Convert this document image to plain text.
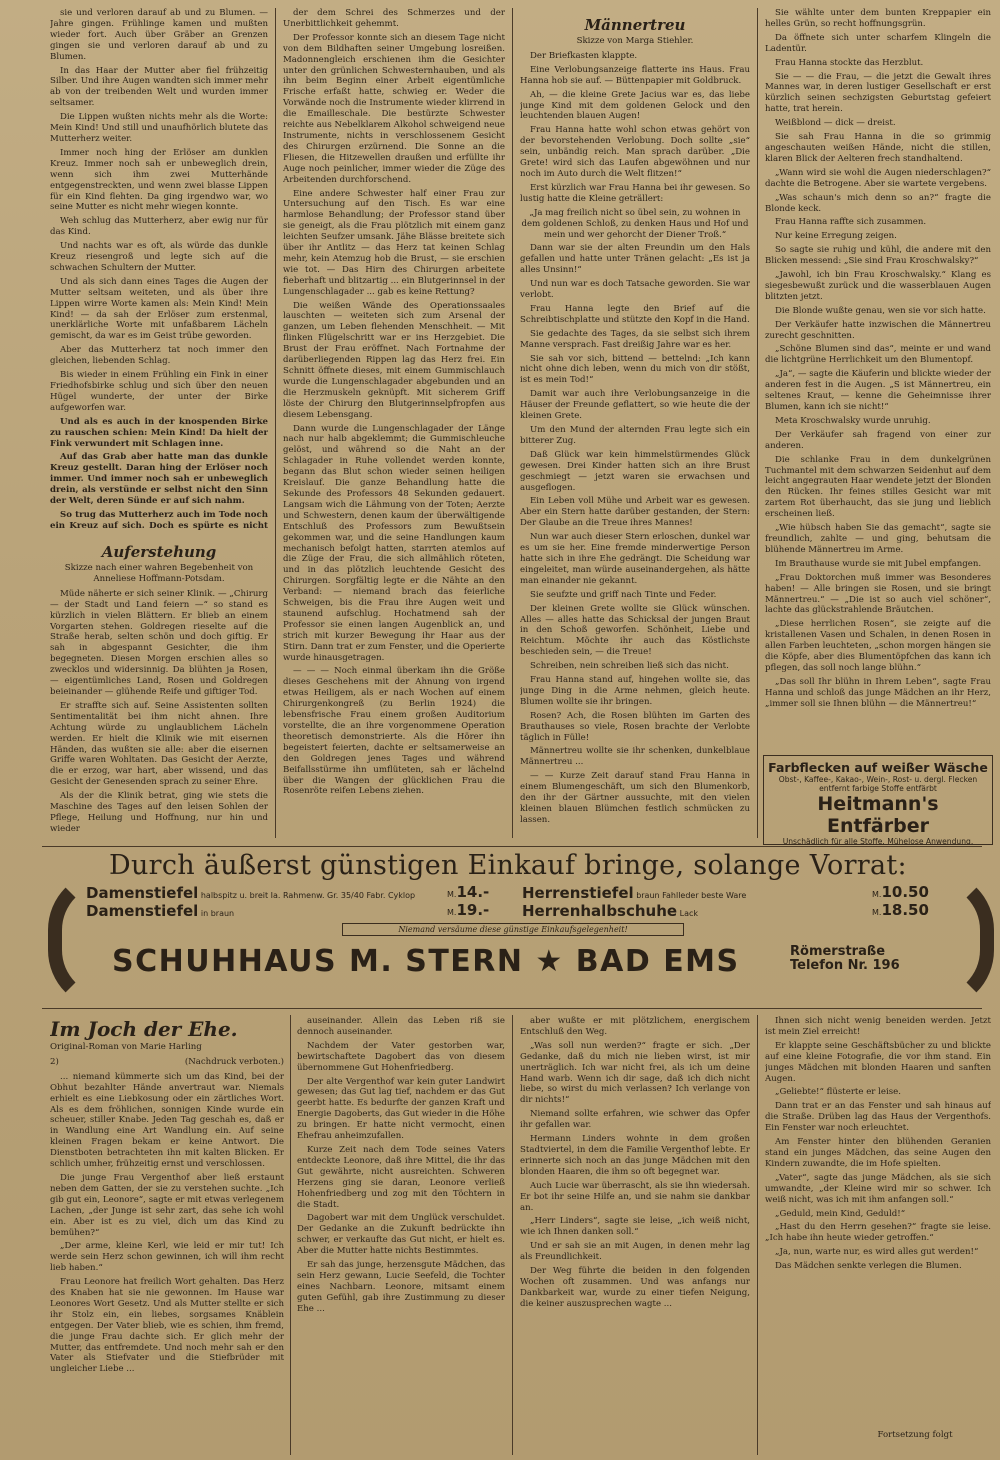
sie und verloren darauf ab und zu Blumen. — Jahre gingen. Frühlinge kamen und mußten wieder fort. Auch über Gräber an Grenzen gingen sie und verloren darauf ab und zu Blumen.

In das Haar der Mutter aber fiel frühzeitig Silber. Und ihre Augen wandten sich immer mehr ab von der treibenden Welt und wurden immer seltsamer.

Die Lippen wußten nichts mehr als die Worte: Mein Kind! Und still und unaufhörlich blutete das Mutterherz weiter.

Immer noch hing der Erlöser am dunklen Kreuz. Immer noch sah er unbeweglich drein, wenn sich ihm zwei Mutterhände entgegenstreckten, und wenn zwei blasse Lippen für ein Kind flehten. Da ging irgendwo war, wo seine Mutter es nicht mehr wiegen konnte.

Weh schlug das Mutterherz, aber ewig nur für das Kind.

Und nachts war es oft, als würde das dunkle Kreuz riesengroß und legte sich auf die schwachen Schultern der Mutter.

Und als sich dann eines Tages die Augen der Mutter seltsam weiteten, und als über ihre Lippen wirre Worte kamen als: Mein Kind! Mein Kind! — da sah der Erlöser zum erstenmal, unerklärliche Worte mit unfaßbarem Lächeln gemischt, da war es im Geist trübe geworden.

Aber das Mutterherz tat noch immer den gleichen, liebenden Schlag.

Bis wieder in einem Frühling ein Fink in einer Friedhofsbirke schlug und sich über den neuen Hügel wunderte, der unter der Birke aufgeworfen war.

Und als es auch in der knospenden Birke zu rauschen schien: Mein Kind! Da hielt der Fink verwundert mit Schlagen inne.

Auf das Grab aber hatte man das dunkle Kreuz gestellt. Daran hing der Erlöser noch immer. Und immer noch sah er unbeweglich drein, als verstünde er selbst nicht den Sinn der Welt, deren Sünde er auf sich nahm.

So trug das Mutterherz auch im Tode noch ein Kreuz auf sich. Doch es spürte es nicht

Auferstehung

Skizze nach einer wahren Begebenheit von Anneliese Hoffmann-Potsdam.

Müde näherte er sich seiner Klinik. — „Chirurg — der Stadt und Land feiern —“ so stand es kürzlich in vielen Blättern. Er blieb an einem Vorgarten stehen. Goldregen rieselte auf die Straße herab, selten schön und doch giftig. Er sah in abgespannt Gesichter, die ihm begegneten. Diesen Morgen erschien alles so zwecklos und widersinnig. Da blühten ja Rosen, — eigentümliches Land, Rosen und Goldregen beieinander — glühende Reife und giftiger Tod.

Er straffte sich auf. Seine Assistenten sollten Sentimentalität bei ihm nicht ahnen. Ihre Achtung würde zu unglaublichem Lächeln werden. Er hielt die Klinik wie mit eisernen Händen, das wußten sie alle: aber die eisernen Griffe waren Wohltaten. Das Gesicht der Aerzte, die er erzog, war hart, aber wissend, und das Gesicht der Genesenden sprach zu seiner Ehre.

Als der die Klinik betrat, ging wie stets die Maschine des Tages auf den leisen Sohlen der Pflege, Heilung und Hoffnung, nur hin und wieder

der dem Schrei des Schmerzes und der Unerbittlichkeit gehemmt.

Der Professor konnte sich an diesem Tage nicht von dem Bildhaften seiner Umgebung losreißen. Madonnengleich erschienen ihm die Gesichter unter den grünlichen Schwesternhauben, und als ihn beim Beginn einer Arbeit eigentümliche Frische erfaßt hatte, schwieg er. Weder die Vorwände noch die Instrumente wieder klirrend in die Emailleschale. Die bestürzte Schwester reichte aus Nebelklarem Alkohol schweigend neue Instrumente, nichts in verschlossenem Gesicht des Chirurgen erzürnend. Die Sonne an die Fliesen, die Hitzewellen draußen und erfüllte ihr Auge noch peinlicher, immer wieder die Züge des Arbeitenden durchforschend.

Eine andere Schwester half einer Frau zur Untersuchung auf den Tisch. Es war eine harmlose Behandlung; der Professor stand über sie geneigt, als die Frau plötzlich mit einem ganz leichten Seufzer umsank. Jähe Blässe breitete sich über ihr Antlitz — das Herz tat keinen Schlag mehr, kein Atemzug hob die Brust, — sie erschien wie tot. — Das Hirn des Chirurgen arbeitete fieberhaft und blitzartig ... ein Blutgerinnsel in der Lungenschlagader ... gab es keine Rettung?

Die weißen Wände des Operationssaales lauschten — weiteten sich zum Arsenal der ganzen, um Leben flehenden Menschheit. — Mit flinken Flügelschritt war er ins Herzgebiet. Die Brust der Frau eröffnet. Nach Fortnahme der darüberliegenden Rippen lag das Herz frei. Ein Schnitt öffnete dieses, mit einem Gummischlauch wurde die Lungenschlagader abgebunden und an die Herzmuskeln geknüpft. Mit sicherem Griff löste der Chirurg den Blutgerinnselpfropfen aus diesem Lebensgang.

Dann wurde die Lungenschlagader der Länge nach nur halb abgeklemmt; die Gummischleuche gelöst, und während so die Naht an der Schlagader in Ruhe vollendet werden konnte, begann das Blut schon wieder seinen heiligen Kreislauf. Die ganze Behandlung hatte die Sekunde des Professors 48 Sekunden gedauert. Langsam wich die Lähmung von der Toten; Aerzte und Schwestern, denen kaum der überwältigende Entschluß des Professors zum Bewußtsein gekommen war, und die seine Handlungen kaum mechanisch befolgt hatten, starrten atemlos auf die Züge der Frau, die sich allmählich röteten, und in das plötzlich leuchtende Gesicht des Chirurgen. Sorgfältig legte er die Nähte an den Verband: — niemand brach das feierliche Schweigen, bis die Frau ihre Augen weit und staunend aufschlug. Hochatmend sah der Professor sie einen langen Augenblick an, und strich mit kurzer Bewegung ihr Haar aus der Stirn. Dann trat er zum Fenster, und die Operierte wurde hinausgetragen.

— — — Noch einmal überkam ihn die Größe dieses Geschehens mit der Ahnung von irgend etwas Heiligem, als er nach Wochen auf einem Chirurgenkongreß (zu Berlin 1924) die lebensfrische Frau einem großen Auditorium vorstellte, die an ihre vorgenommene Operation theoretisch demonstrierte. Als die Hörer ihn begeistert feierten, dachte er seltsamerweise an den Goldregen jenes Tages und während Beifallsstürme ihn umflüteten, sah er lächelnd über die Wangen der glücklichen Frau die Rosenröte reifen Lebens ziehen.

Männertreu

Skizze von Marga Stiehler.

Der Briefkasten klappte.

Eine Verlobungsanzeige flatterte ins Haus. Frau Hanna hob sie auf. — Büttenpapier mit Goldbruck.

Ah, — die kleine Grete Jacius war es, das liebe junge Kind mit dem goldenen Gelock und den leuchtenden blauen Augen!

Frau Hanna hatte wohl schon etwas gehört von der bevorstehenden Verlobung. Doch sollte „sie“ sein, unbändig reich. Man sprach darüber. „Die Grete! wird sich das Laufen abgewöhnen und nur noch im Auto durch die Welt flitzen!“

Erst kürzlich war Frau Hanna bei ihr gewesen. So lustig hatte die Kleine geträllert:

„Ja mag freilich nicht so übel sein, zu wohnen in dem goldenen Schloß, zu denken Haus und Hof und mein und wer gehorcht der Diener Troß.“

Dann war sie der alten Freundin um den Hals gefallen und hatte unter Tränen gelacht: „Es ist ja alles Unsinn!“

Und nun war es doch Tatsache geworden. Sie war verlobt.

Frau Hanna legte den Brief auf die Schreibtischplatte und stützte den Kopf in die Hand.

Sie gedachte des Tages, da sie selbst sich ihrem Manne versprach. Fast dreißig Jahre war es her.

Sie sah vor sich, bittend — bettelnd: „Ich kann nicht ohne dich leben, wenn du mich von dir stößt, ist es mein Tod!“

Damit war auch ihre Verlobungsanzeige in die Häuser der Freunde geflattert, so wie heute die der kleinen Grete.

Um den Mund der alternden Frau legte sich ein bitterer Zug.

Daß Glück war kein himmelstürmendes Glück gewesen. Drei Kinder hatten sich an ihre Brust geschmiegt — jetzt waren sie erwachsen und ausgeflogen.

Ein Leben voll Mühe und Arbeit war es gewesen. Aber ein Stern hatte darüber gestanden, der Stern: Der Glaube an die Treue ihres Mannes!

Nun war auch dieser Stern erloschen, dunkel war es um sie her. Eine fremde minderwertige Person hatte sich in ihre Ehe gedrängt. Die Scheidung war eingeleitet, man würde auseinandergehen, als hätte man einander nie gekannt.

Sie seufzte und griff nach Tinte und Feder.

Der kleinen Grete wollte sie Glück wünschen. Alles — alles hatte das Schicksal der jungen Braut in den Schoß geworfen. Schönheit, Liebe und Reichtum. Möchte ihr auch das Köstlichste beschieden sein, — die Treue!

Schreiben, nein schreiben ließ sich das nicht.

Frau Hanna stand auf, hingehen wollte sie, das junge Ding in die Arme nehmen, gleich heute. Blumen wollte sie ihr bringen.

Rosen? Ach, die Rosen blühten im Garten des Brauthauses so viele, Rosen brachte der Verlobte täglich in Fülle!

Männertreu wollte sie ihr schenken, dunkelblaue Männertreu ...

— — Kurze Zeit darauf stand Frau Hanna in einem Blumengeschäft, um sich den Blumenkorb, den ihr der Gärtner aussuchte, mit den vielen kleinen blauen Blümchen festlich schmücken zu lassen.

Sie wählte unter dem bunten Kreppapier ein helles Grün, so recht hoffnungsgrün.

Da öffnete sich unter scharfem Klingeln die Ladentür.

Frau Hanna stockte das Herzblut.

Sie — — die Frau, — die jetzt die Gewalt ihres Mannes war, in deren lustiger Gesellschaft er erst kürzlich seinen sechzigsten Geburtstag gefeiert hatte, trat herein.

Weißblond — dick — dreist.

Sie sah Frau Hanna in die so grimmig angeschauten weißen Hände, nicht die stillen, klaren Blick der Aelteren frech standhaltend.

„Wann wird sie wohl die Augen niederschlagen?“ dachte die Betrogene. Aber sie wartete vergebens.

„Was schaun's mich denn so an?“ fragte die Blonde keck.

Frau Hanna raffte sich zusammen.

Nur keine Erregung zeigen.

So sagte sie ruhig und kühl, die andere mit den Blicken messend: „Sie sind Frau Kroschwalsky?“

„Jawohl, ich bin Frau Kroschwalsky.“ Klang es siegesbewußt zurück und die wasserblauen Augen blitzten jetzt.

Die Blonde wußte genau, wen sie vor sich hatte.

Der Verkäufer hatte inzwischen die Männertreu zurecht geschnitten.

„Schöne Blumen sind das“, meinte er und wand die lichtgrüne Herrlichkeit um den Blumentopf.

„Ja“, — sagte die Käuferin und blickte wieder der anderen fest in die Augen. „S ist Männertreu, ein seltenes Kraut, — kenne die Geheimnisse ihrer Blumen, kann ich sie nicht!“

Meta Kroschwalsky wurde unruhig.

Der Verkäufer sah fragend von einer zur anderen.

Die schlanke Frau in dem dunkelgrünen Tuchmantel mit dem schwarzen Seidenhut auf dem leicht angegrauten Haar wendete jetzt der Blonden den Rücken. Ihr feines stilles Gesicht war mit zartem Rot überhaucht, das sie jung und lieblich erscheinen ließ.

„Wie hübsch haben Sie das gemacht“, sagte sie freundlich, zahlte — und ging, behutsam die blühende Männertreu im Arme.

Im Brauthause wurde sie mit Jubel empfangen.

„Frau Doktorchen muß immer was Besonderes haben! — Alle bringen sie Rosen, und sie bringt Männertreu.“ — „Die ist so auch viel schöner“, lachte das glückstrahlende Bräutchen.

„Diese herrlichen Rosen“, sie zeigte auf die kristallenen Vasen und Schalen, in denen Rosen in allen Farben leuchteten, „schon morgen hängen sie die Köpfe, aber dies Blumentöpfchen das kann ich pflegen, das soll noch lange blühn.“

„Das soll Ihr blühn in Ihrem Leben“, sagte Frau Hanna und schloß das junge Mädchen an ihr Herz, „immer soll sie Ihnen blühn — die Männertreu!“

Farbflecken auf weißer Wäsche
Obst-, Kaffee-, Kakao-, Wein-, Rost- u. dergl. Flecken
entfernt farbige Stoffe entfärbt
Heitmann's Entfärber
Unschädlich für alle Stoffe. Mühelose Anwendung.
Durch äußerst günstigen Einkauf bringe, solange Vorrat:
Damenstiefel halbspitz u. breit Ia. Rahmenw. Gr. 35/40 Fabr. Cyklop	M.14.-
Damenstiefel in braun	M.19.-
Herrenstiefel braun Fahlleder beste Ware	M.10.50
Herrenhalbschuhe Lack	M.18.50
Niemand versäume diese günstige Einkaufsgelegenheit!
SCHUHHAUS M. STERN ★ BAD EMS	Römerstraße
Telefon Nr. 196

Im Joch der Ehe.

Original-Roman von Marie Harling

2)	(Nachdruck verboten.)

... niemand kümmerte sich um das Kind, bei der Obhut bezahlter Hände anvertraut war. Niemals erhielt es eine Liebkosung oder ein zärtliches Wort. Als es dem fröhlichen, sonnigen Kinde wurde ein scheuer, stiller Knabe. Jeden Tag geschah es, daß er in Wandlung eine Art Wandlung ein. Auf seine kleinen Fragen bekam er keine Antwort. Die Dienstboten betrachteten ihn mit kalten Blicken. Er schlich umher, frühzeitig ernst und verschlossen.

Die junge Frau Vergenthof aber ließ erstaunt neben dem Gatten, der sie zu verstehen suchte. „Ich gib gut ein, Leonore“, sagte er mit etwas verlegenem Lachen, „der Junge ist sehr zart, das sehe ich wohl ein. Aber ist es zu viel, dich um das Kind zu bemühen?“

„Der arme, kleine Kerl, wie leid er mir tut! Ich werde sein Herz schon gewinnen, ich will ihm recht lieb haben.“

Frau Leonore hat freilich Wort gehalten. Das Herz des Knaben hat sie nie gewonnen. Im Hause war Leonores Wort Gesetz. Und als Mutter stellte er sich ihr Stolz ein, ein liebes, sorgsames Knäblein entgegen. Der Vater blieb, wie es schien, ihm fremd, die junge Frau dachte sich. Er glich mehr der Mutter, das entfremdete. Und noch mehr sah er den Vater als Stiefvater und die Stiefbrüder mit ungleicher Liebe ...

auseinander. Allein das Leben riß sie dennoch auseinander.

Nachdem der Vater gestorben war, bewirtschaftete Dagobert das von diesem übernommene Gut Hohenfriedberg.

Der alte Vergenthof war kein guter Landwirt gewesen; das Gut lag tief, nachdem er das Gut geerbt hatte. Es bedurfte der ganzen Kraft und Energie Dagoberts, das Gut wieder in die Höhe zu bringen. Er hatte nicht vermocht, einen Ehefrau anheimzufallen.

Kurze Zeit nach dem Tode seines Vaters entdeckte Leonore, daß ihre Mittel, die ihr das Gut gewährte, nicht ausreichten. Schweren Herzens ging sie daran, Leonore verließ Hohenfriedberg und zog mit den Töchtern in die Stadt.

Dagobert war mit dem Unglück verschuldet. Der Gedanke an die Zukunft bedrückte ihn schwer, er verkaufte das Gut nicht, er hielt es. Aber die Mutter hatte nichts Bestimmtes.

Er sah das junge, herzensgute Mädchen, das sein Herz gewann, Lucie Seefeld, die Tochter eines Nachbarn. Leonore, mitsamt einem guten Gefühl, gab ihre Zustimmung zu dieser Ehe ...

aber wußte er mit plötzlichem, energischem Entschluß den Weg.

„Was soll nun werden?“ fragte er sich. „Der Gedanke, daß du mich nie lieben wirst, ist mir unerträglich. Ich war nicht frei, als ich um deine Hand warb. Wenn ich dir sage, daß ich dich nicht liebe, so wirst du mich verlassen? Ich verlange von dir nichts!“

Niemand sollte erfahren, wie schwer das Opfer ihr gefallen war.

Hermann Linders wohnte in dem großen Stadtviertel, in dem die Familie Vergenthof lebte. Er erinnerte sich noch an das junge Mädchen mit den blonden Haaren, die ihm so oft begegnet war.

Auch Lucie war überrascht, als sie ihn wiedersah. Er bot ihr seine Hilfe an, und sie nahm sie dankbar an.

„Herr Linders“, sagte sie leise, „ich weiß nicht, wie ich Ihnen danken soll.“

Und er sah sie an mit Augen, in denen mehr lag als Freundlichkeit.

Der Weg führte die beiden in den folgenden Wochen oft zusammen. Und was anfangs nur Dankbarkeit war, wurde zu einer tiefen Neigung, die keiner auszusprechen wagte ...

Ihnen sich nicht wenig beneiden werden. Jetzt ist mein Ziel erreicht!

Er klappte seine Geschäftsbücher zu und blickte auf eine kleine Fotografie, die vor ihm stand. Ein junges Mädchen mit blonden Haaren und sanften Augen.

„Geliebte!“ flüsterte er leise.

Dann trat er an das Fenster und sah hinaus auf die Straße. Drüben lag das Haus der Vergenthofs. Ein Fenster war noch erleuchtet.

Am Fenster hinter den blühenden Geranien stand ein junges Mädchen, das seine Augen den Kindern zuwandte, die im Hofe spielten.

„Vater“, sagte das junge Mädchen, als sie sich umwandte, „der Kleine wird mir so schwer. Ich weiß nicht, was ich mit ihm anfangen soll.“

„Geduld, mein Kind, Geduld!“

„Hast du den Herrn gesehen?“ fragte sie leise. „Ich habe ihn heute wieder getroffen.“

„Ja, nun, warte nur, es wird alles gut werden!“

Das Mädchen senkte verlegen die Blumen.

Fortsetzung folgt
